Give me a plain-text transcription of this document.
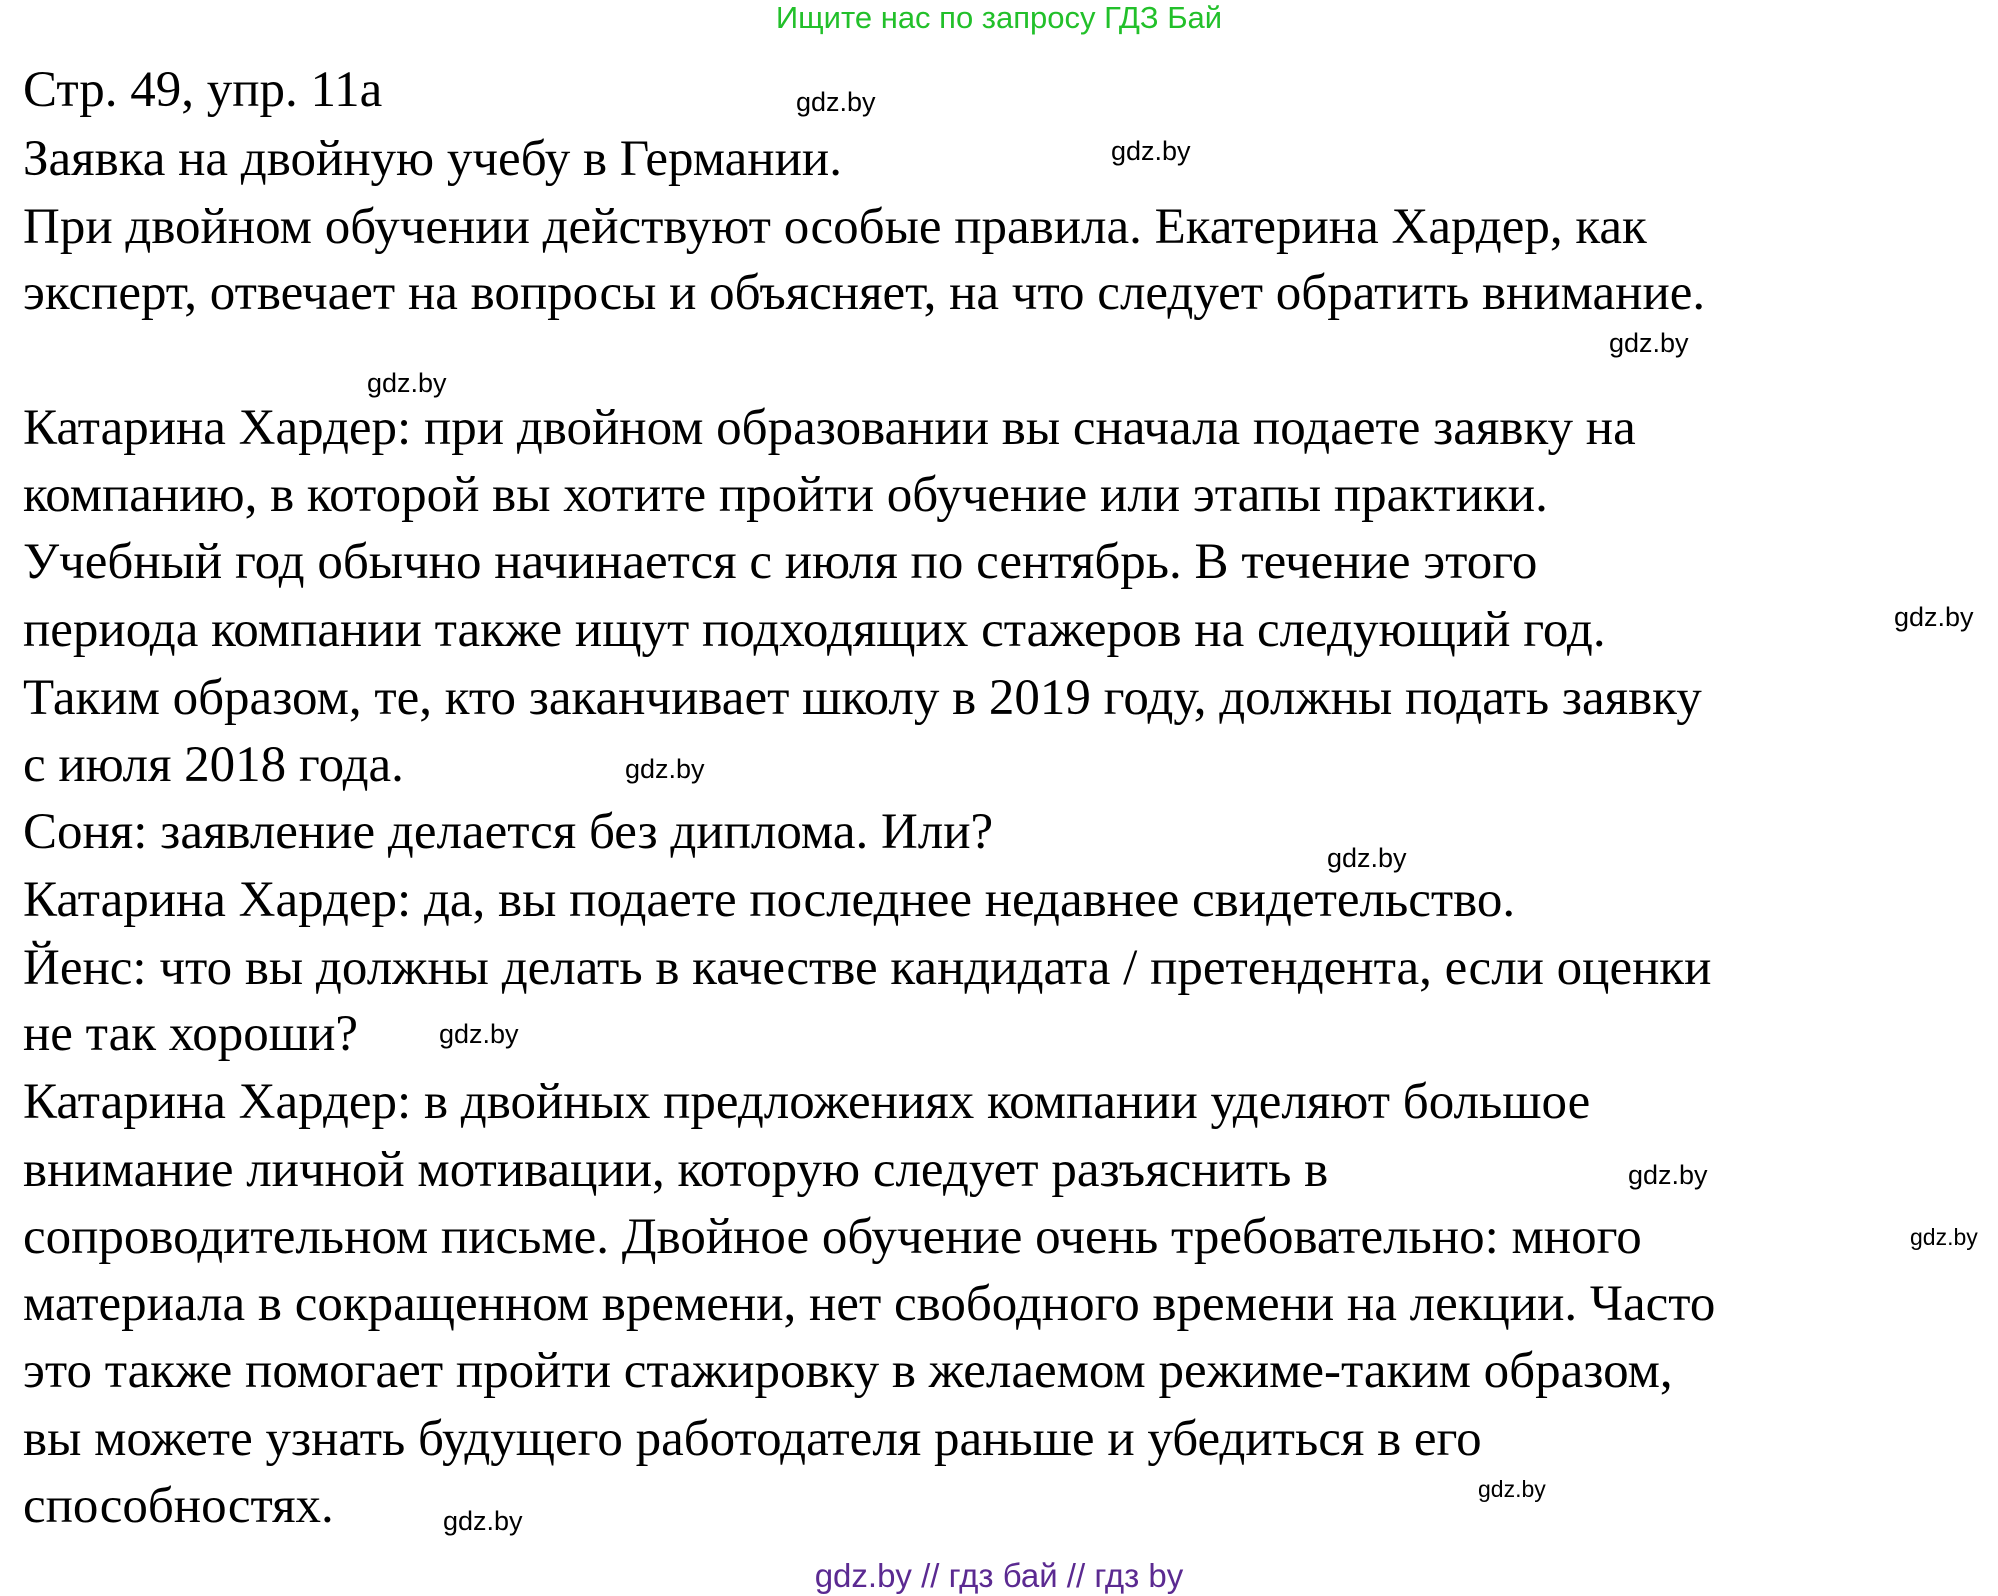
Ищите нас по запросу ГДЗ Бай
Стр. 49, упр. 11а
Заявка на двойную учебу в Германии.
При двойном обучении действуют особые правила. Екатерина Хардер, как
эксперт, отвечает на вопросы и объясняет, на что следует обратить внимание.
Катарина Хардер: при двойном образовании вы сначала подаете заявку на
компанию, в которой вы хотите пройти обучение или этапы практики.
Учебный год обычно начинается с июля по сентябрь. В течение этого
периода компании также ищут подходящих стажеров на следующий год.
Таким образом, те, кто заканчивает школу в 2019 году, должны подать заявку
с июля 2018 года.
Соня: заявление делается без диплома. Или?
Катарина Хардер: да, вы подаете последнее недавнее свидетельство.
Йенс: что вы должны делать в качестве кандидата / претендента, если оценки
не так хороши?
Катарина Хардер: в двойных предложениях компании уделяют большое
внимание личной мотивации, которую следует разъяснить в
сопроводительном письме. Двойное обучение очень требовательно: много
материала в сокращенном времени, нет свободного времени на лекции. Часто
это также помогает пройти стажировку в желаемом режиме-таким образом,
вы можете узнать будущего работодателя раньше и убедиться в его
способностях.
gdz.by
gdz.by
gdz.by
gdz.by
gdz.by
gdz.by
gdz.by
gdz.by
gdz.by
gdz.by
gdz.by
gdz.by
gdz.by // гдз бай // гдз by
